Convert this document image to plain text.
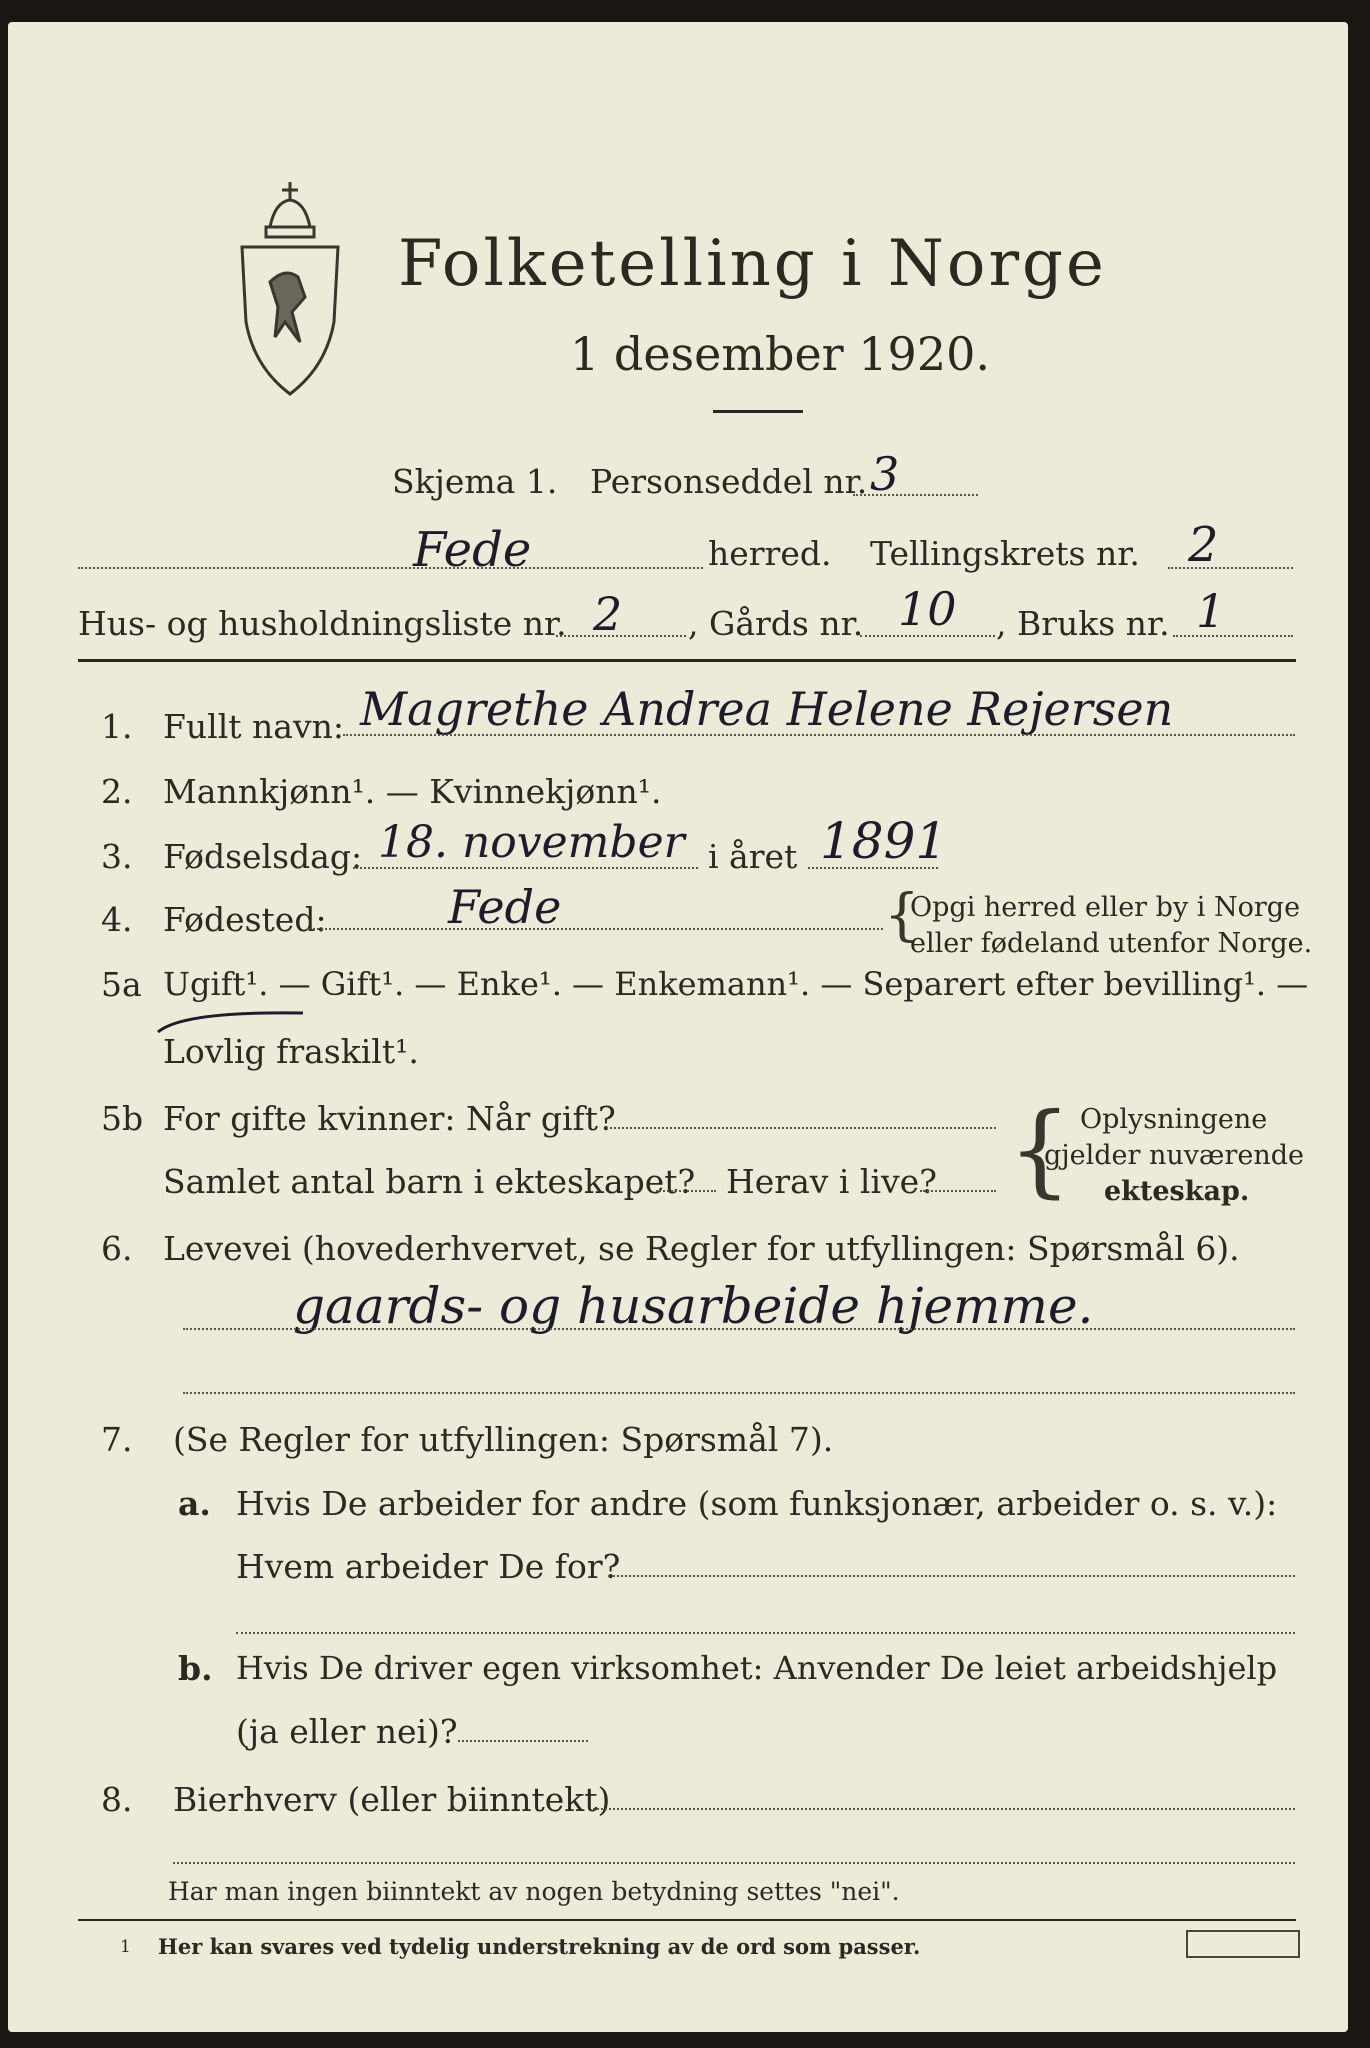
Folketelling i Norge
1 desember 1920.
Skjema 1. Personseddel nr. 3
Fede	herred. Tellingskrets nr. 2
Hus- og husholdningsliste nr. 2 , Gårds nr. 10 , Bruks nr. 1
1. Fullt navn: Magrethe Andrea Helene Rejersen
2. Mannkjønn¹. — Kvinnekjønn¹.
3. Fødselsdag: 18. november i året 1891
4. Fødested:	Fede	{
Opgi herred eller by i Norge
eller fødeland utenfor Norge.
5a Ugift¹. — Gift¹. — Enke¹. — Enkemann¹. — Separert efter bevilling¹. —
Lovlig fraskilt¹.
5b For gifte kvinner: Når gift?
Samlet antal barn i ekteskapet? Herav i live? { Oplysningene
gjelder nuværende
ekteskap.
6. Levevei (hovederhvervet, se Regler for utfyllingen: Spørsmål 6).
gaards- og husarbeide hjemme.
7. (Se Regler for utfyllingen: Spørsmål 7).
a. Hvis De arbeider for andre (som funksjonær, arbeider o. s. v.):
Hvem arbeider De for?
b. Hvis De driver egen virksomhet: Anvender De leiet arbeidshjelp
(ja eller nei)?
8. Bierhverv (eller biinntekt)
Har man ingen biinntekt av nogen betydning settes "nei".
1 Her kan svares ved tydelig understrekning av de ord som passer.
